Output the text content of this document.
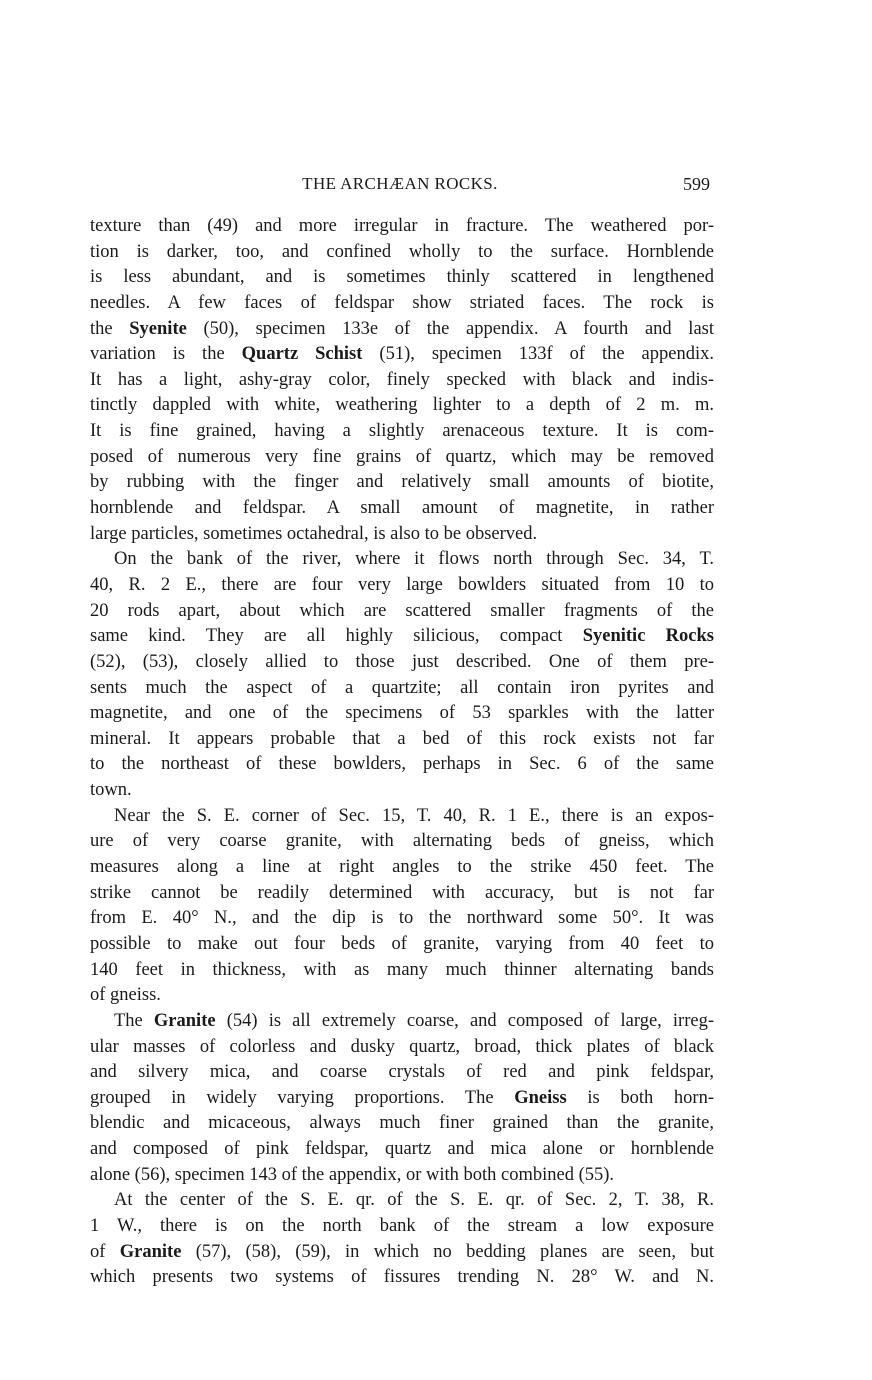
THE ARCHÆAN ROCKS.	599
texture than (49) and more irregular in fracture. The weathered por-
tion is darker, too, and confined wholly to the surface. Hornblende
is less abundant, and is sometimes thinly scattered in lengthened
needles. A few faces of feldspar show striated faces. The rock is
the Syenite (50), specimen 133e of the appendix. A fourth and last
variation is the Quartz Schist (51), specimen 133f of the appendix.
It has a light, ashy-gray color, finely specked with black and indis-
tinctly dappled with white, weathering lighter to a depth of 2 m. m.
It is fine grained, having a slightly arenaceous texture. It is com-
posed of numerous very fine grains of quartz, which may be removed
by rubbing with the finger and relatively small amounts of biotite,
hornblende and feldspar. A small amount of magnetite, in rather
large particles, sometimes octahedral, is also to be observed.
On the bank of the river, where it flows north through Sec. 34, T.
40, R. 2 E., there are four very large bowlders situated from 10 to
20 rods apart, about which are scattered smaller fragments of the
same kind. They are all highly silicious, compact Syenitic Rocks
(52), (53), closely allied to those just described. One of them pre-
sents much the aspect of a quartzite; all contain iron pyrites and
magnetite, and one of the specimens of 53 sparkles with the latter
mineral. It appears probable that a bed of this rock exists not far
to the northeast of these bowlders, perhaps in Sec. 6 of the same
town.
Near the S. E. corner of Sec. 15, T. 40, R. 1 E., there is an expos-
ure of very coarse granite, with alternating beds of gneiss, which
measures along a line at right angles to the strike 450 feet. The
strike cannot be readily determined with accuracy, but is not far
from E. 40° N., and the dip is to the northward some 50°. It was
possible to make out four beds of granite, varying from 40 feet to
140 feet in thickness, with as many much thinner alternating bands
of gneiss.
The Granite (54) is all extremely coarse, and composed of large, irreg-
ular masses of colorless and dusky quartz, broad, thick plates of black
and silvery mica, and coarse crystals of red and pink feldspar,
grouped in widely varying proportions. The Gneiss is both horn-
blendic and micaceous, always much finer grained than the granite,
and composed of pink feldspar, quartz and mica alone or hornblende
alone (56), specimen 143 of the appendix, or with both combined (55).
At the center of the S. E. qr. of the S. E. qr. of Sec. 2, T. 38, R.
1 W., there is on the north bank of the stream a low exposure
of Granite (57), (58), (59), in which no bedding planes are seen, but
which presents two systems of fissures trending N. 28° W. and N.
